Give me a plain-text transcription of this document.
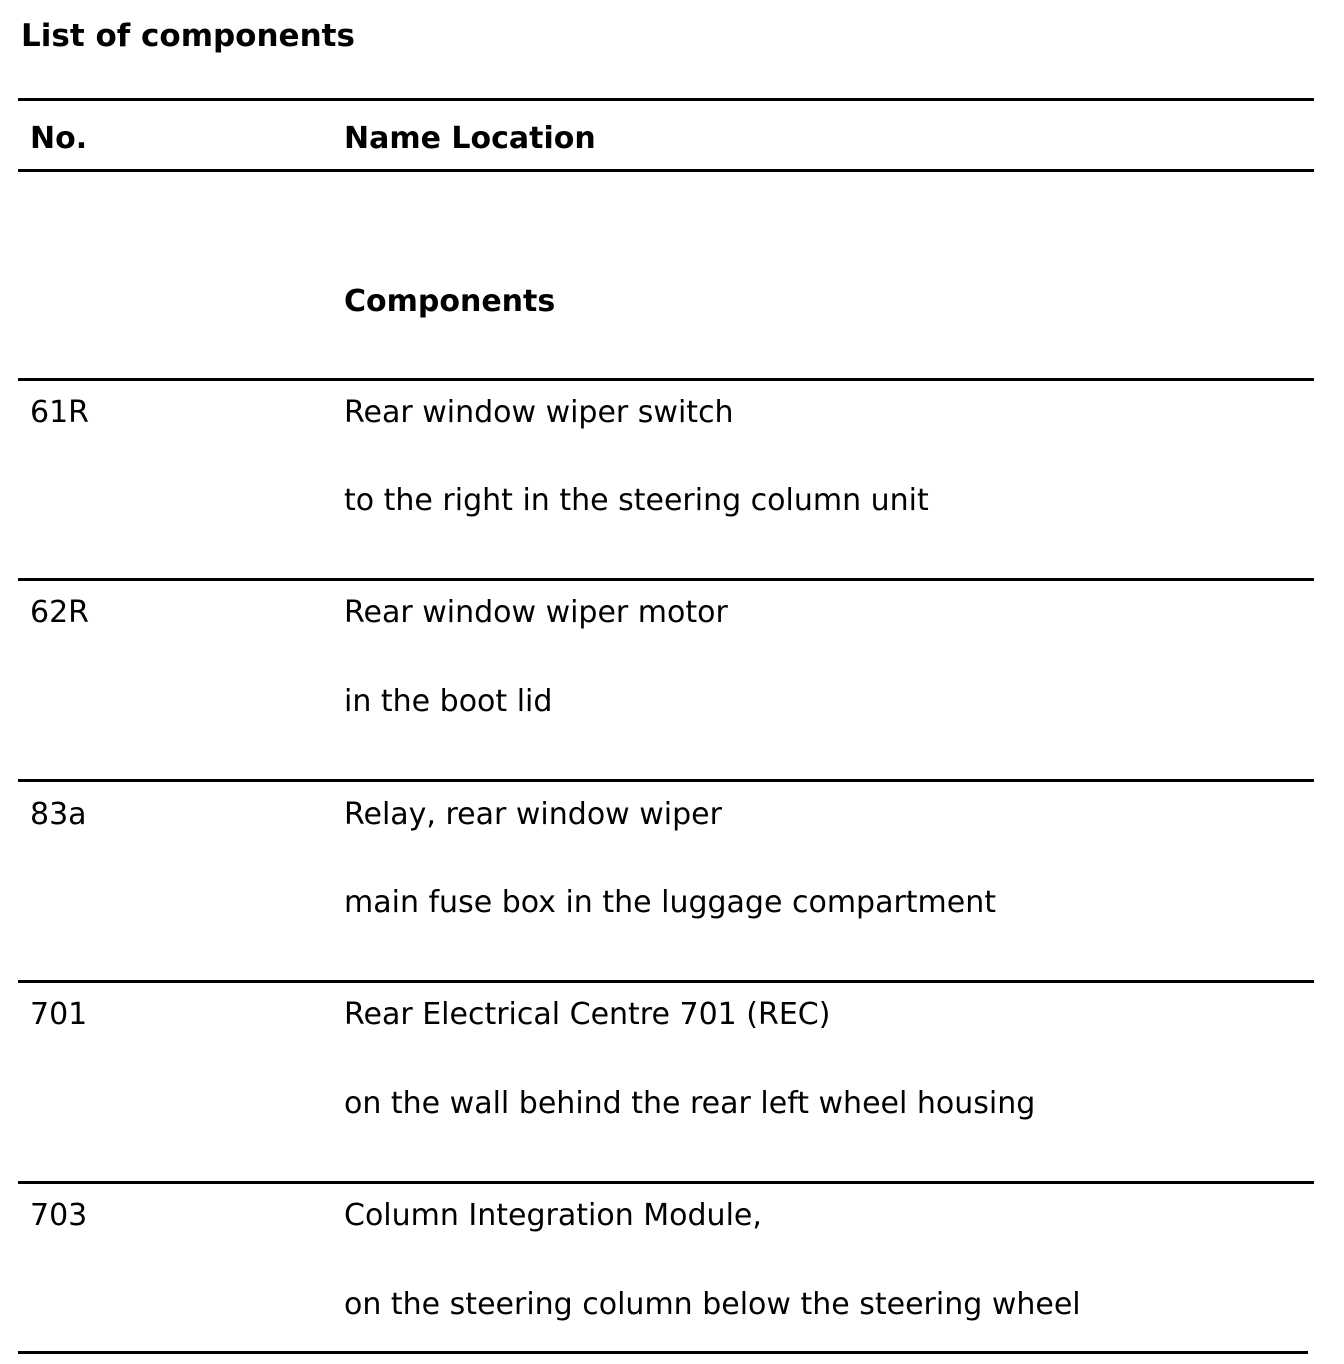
List of components
No.	Name Location
Components
61R	Rear window wiper switch
to the right in the steering column unit
62R	Rear window wiper motor
in the boot lid
83a	Relay, rear window wiper
main fuse box in the luggage compartment
701	Rear Electrical Centre 701 (REC)
on the wall behind the rear left wheel housing
703	Column Integration Module,
on the steering column below the steering wheel
